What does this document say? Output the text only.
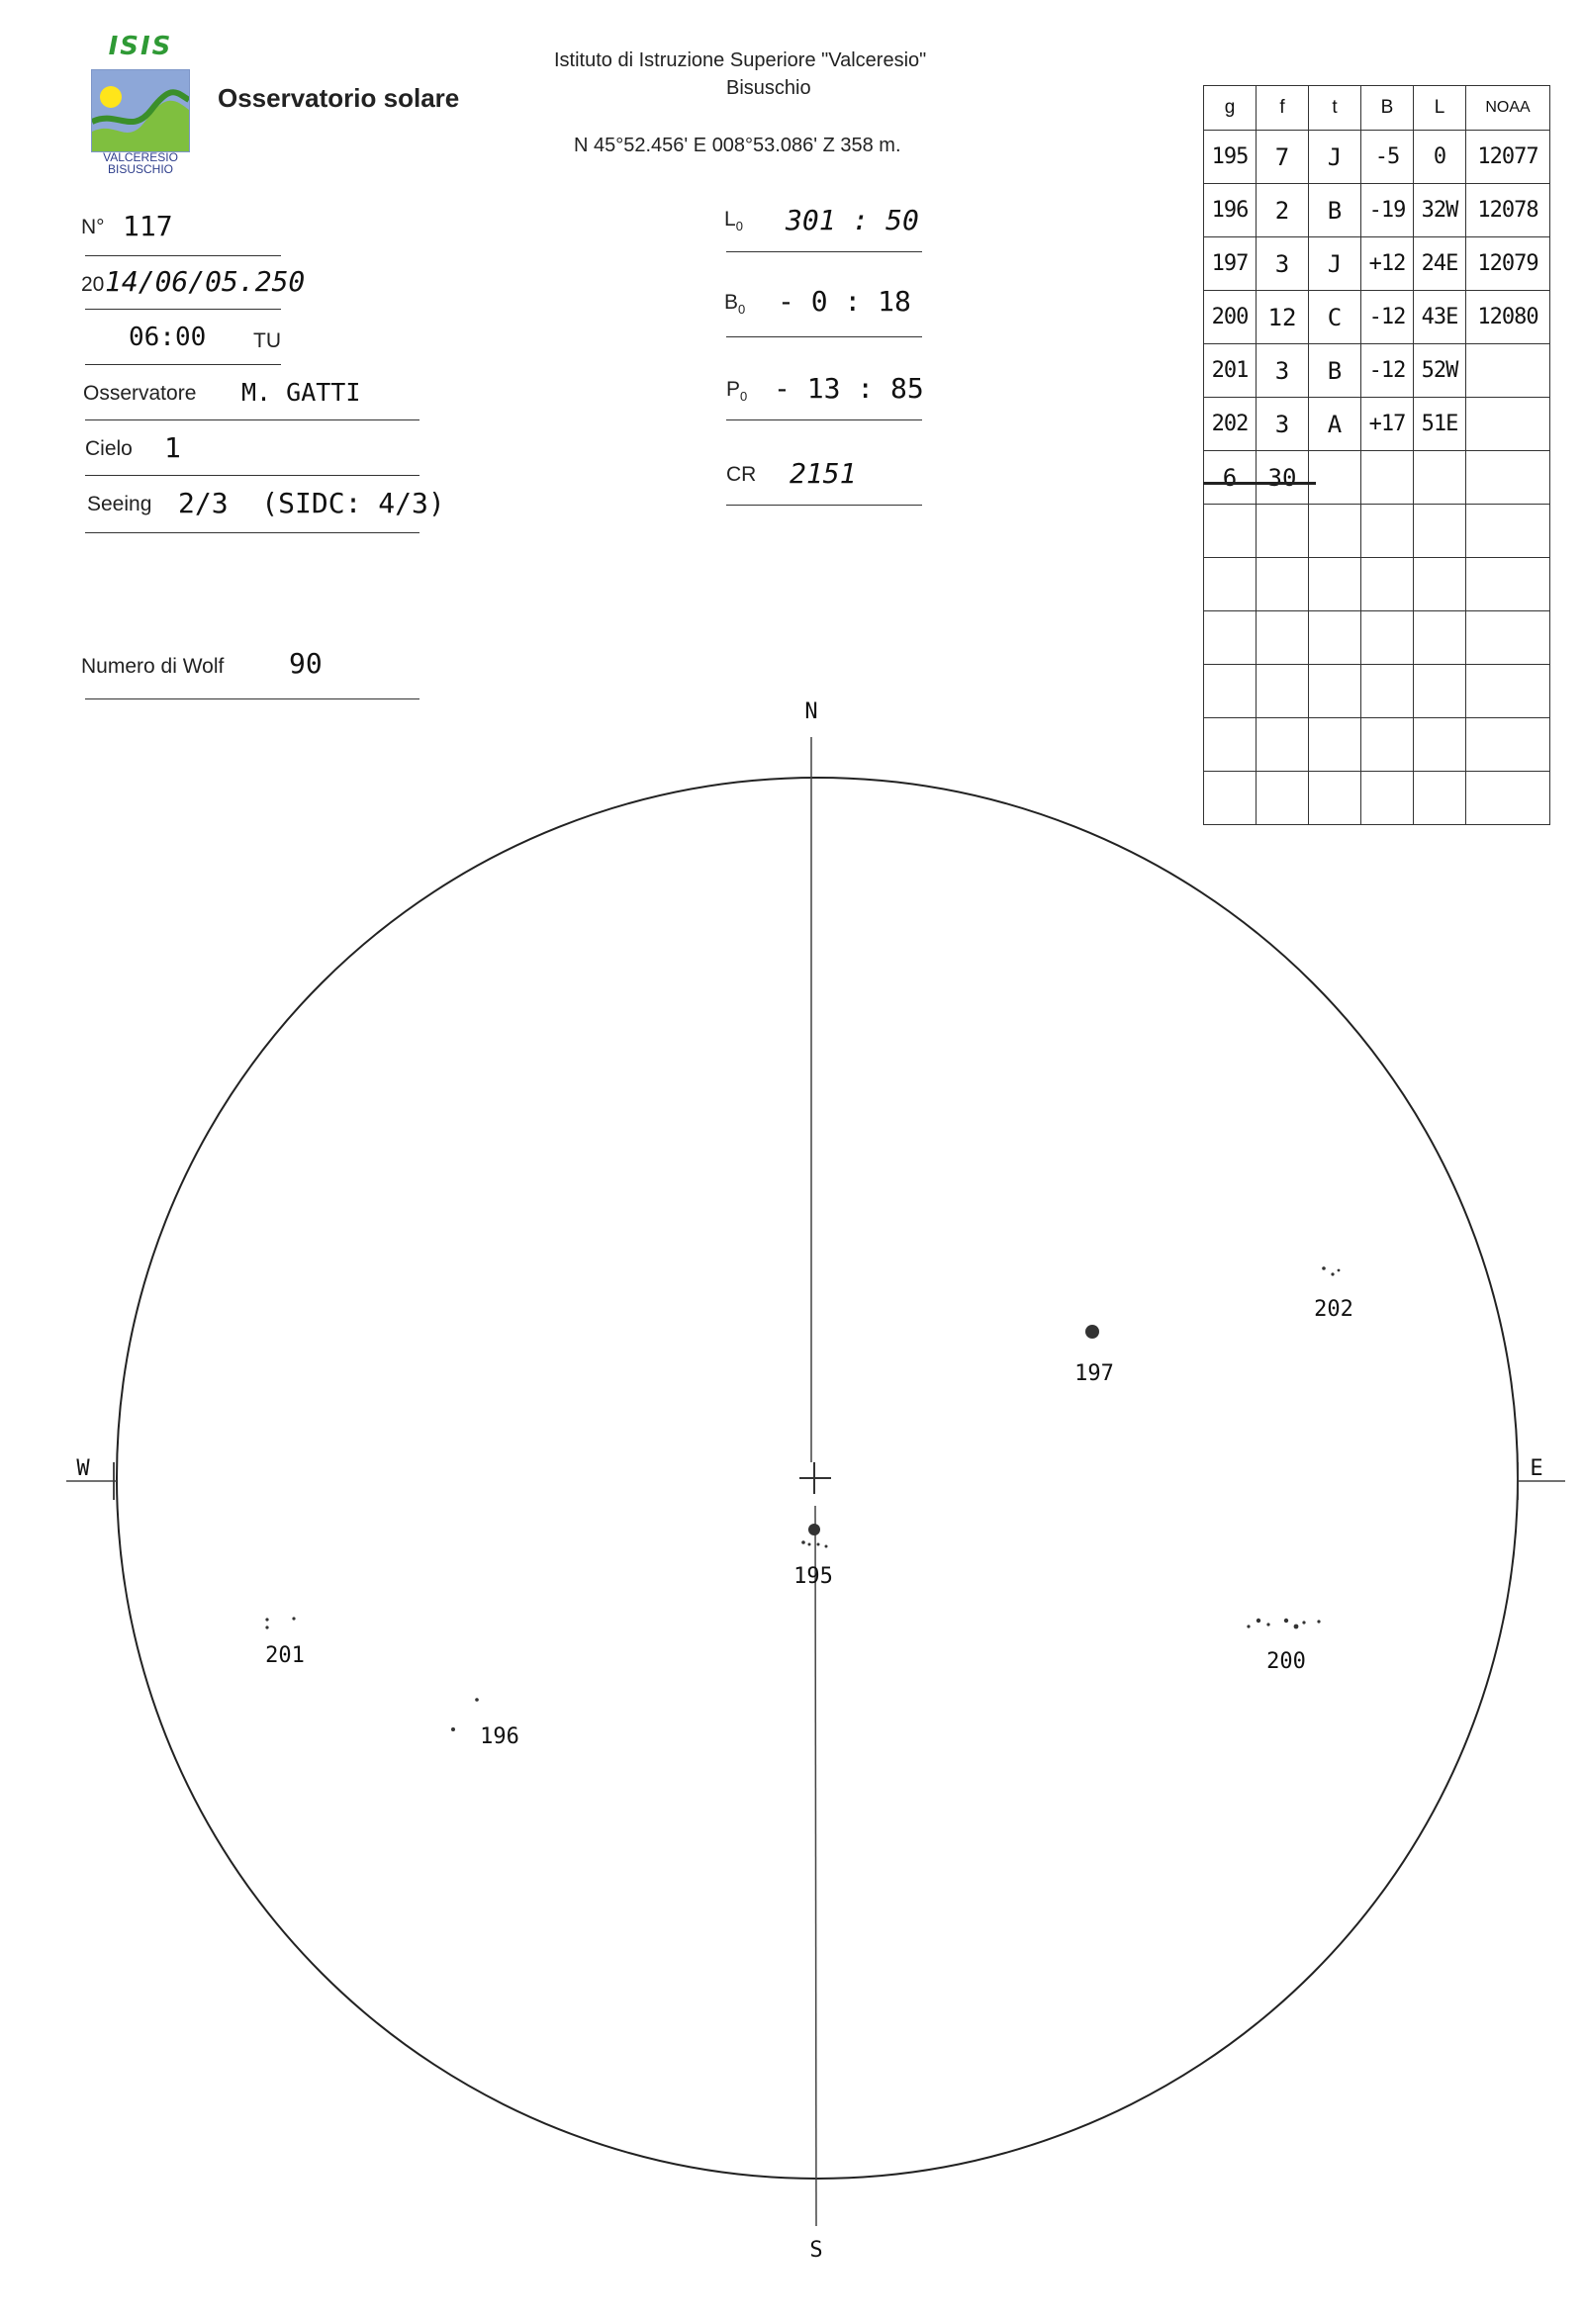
ISIS
VALCERESIO
BISUSCHIO
Osservatorio solare
Istituto di Istruzione Superiore "Valceresio"
Bisuschio
N 45°52.456' E 008°53.086' Z 358 m.
N° 117
20 14/06/05.250
06:00 TU
Osservatore M. GATTI
Cielo 1
Seeing 2/3  (SIDC: 4/3)
Numero di Wolf 90
$L_0$ 301 : 50
$B_0 - 0$ : 18
$P_0 - 13$ : 85
CR 2151
g	f	t	B	L	NOAA
195	7	J	-5	0	12077
196	2	B	-19	32W	12078
197	3	J	+12	24E	12079
200	12	C	-12	43E	12080
201	3	B	-12	52W	
202	3	A	+17	51E	
6	30				

N
S
W	E
195
197
202
200
201
196
